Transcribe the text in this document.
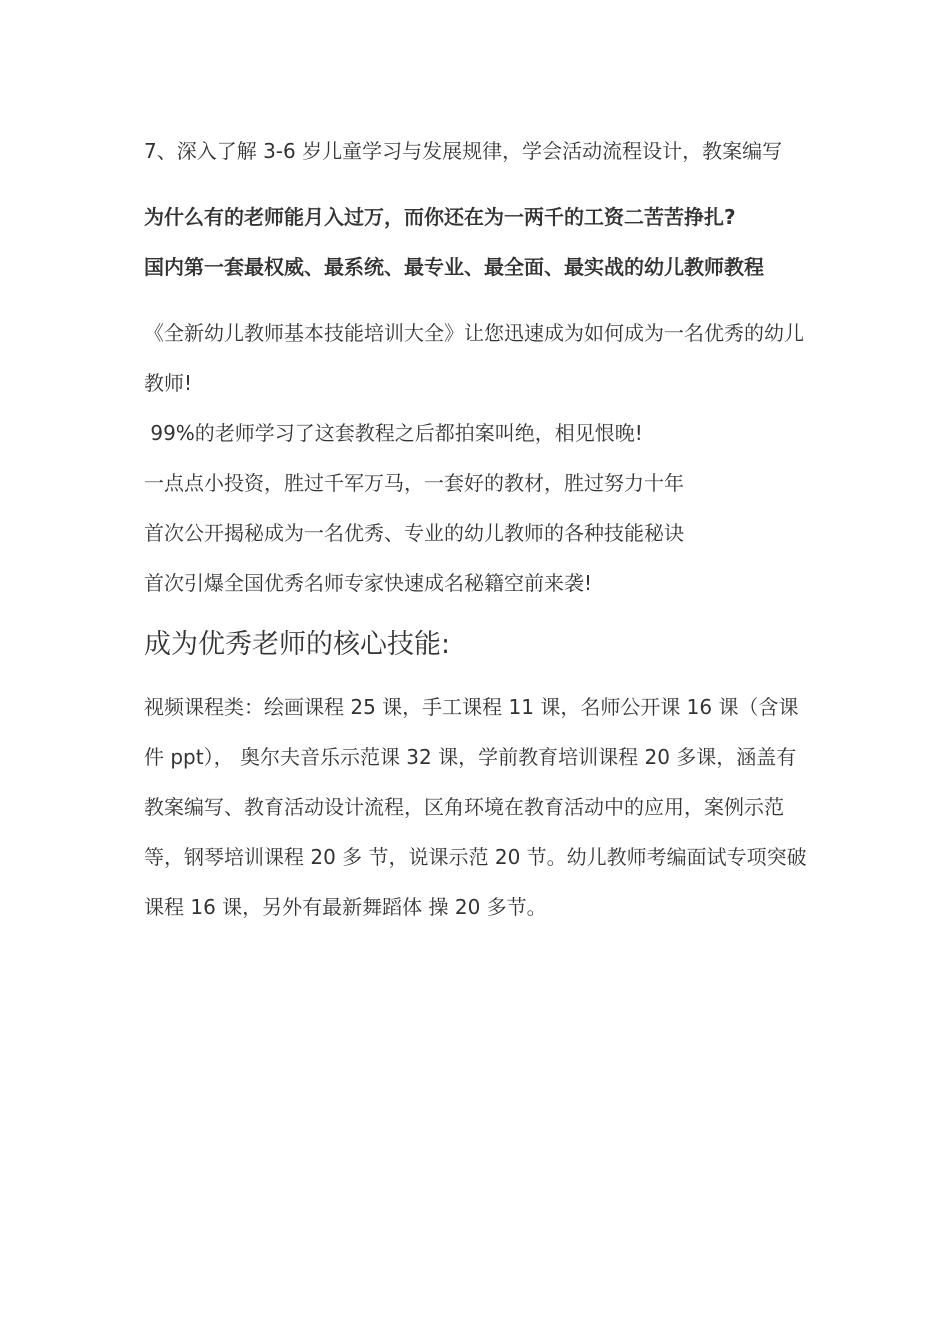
7、深入了解 3-6 岁儿童学习与发展规律，学会活动流程设计，教案编写

为什么有的老师能月入过万，而你还在为一两千的工资二苦苦挣扎?

国内第一套最权威、最系统、最专业、最全面、最实战的幼儿教师教程

《全新幼儿教师基本技能培训大全》让您迅速成为如何成为一名优秀的幼儿教师!

99%的老师学习了这套教程之后都拍案叫绝，相见恨晚!

一点点小投资，胜过千军万马，一套好的教材，胜过努力十年

首次公开揭秘成为一名优秀、专业的幼儿教师的各种技能秘诀

首次引爆全国优秀名师专家快速成名秘籍空前来袭!

成为优秀老师的核心技能:

视频课程类：绘画课程 25 课，手工课程 11 课，名师公开课 16 课（含课件 ppt）， 奥尔夫音乐示范课 32 课，学前教育培训课程 20 多课，涵盖有教案编写、教育活动设计流程，区角环境在教育活动中的应用，案例示范等，钢琴培训课程 20 多 节，说课示范 20 节。幼儿教师考编面试专项突破课程 16 课，另外有最新舞蹈体 操 20 多节。
